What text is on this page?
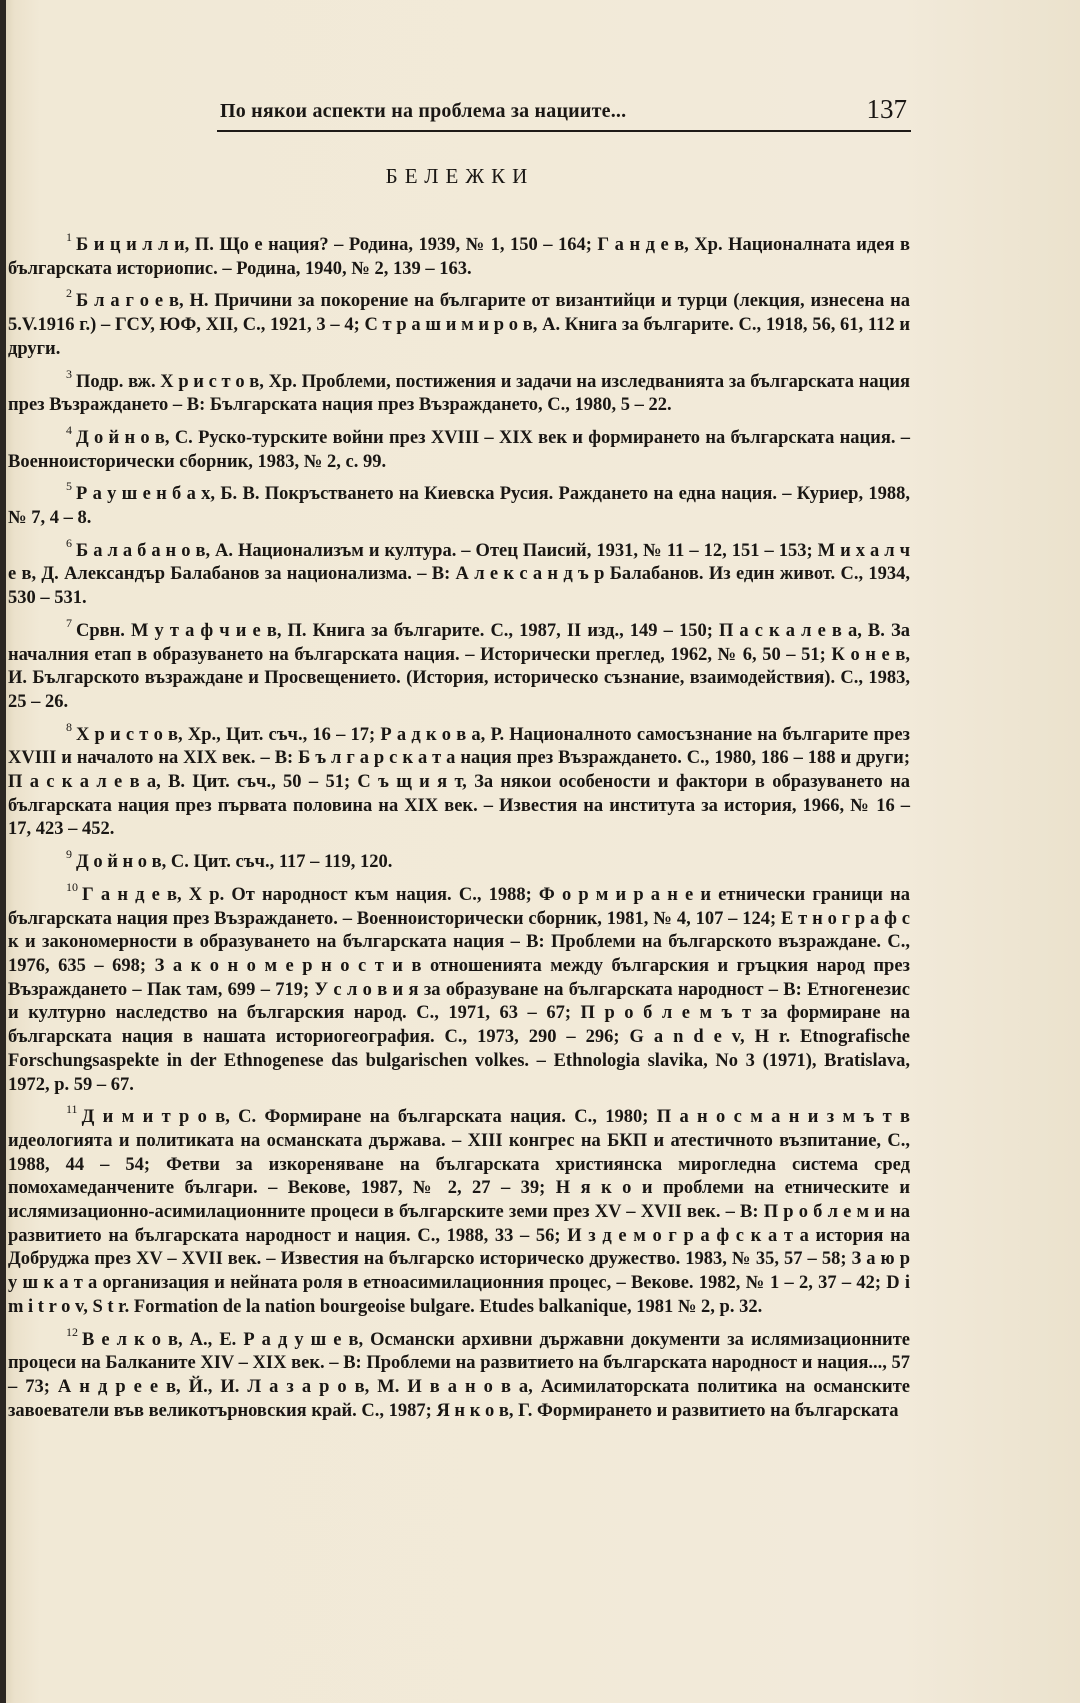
По някои аспекти на проблема за нациите...	137
БЕЛЕЖКИ

$^1$ Б и ц и л л и, П. Що е нация? – Родина, 1939, № 1, 150 – 164; Г а н д е в, Хр. Националната идея в българската историопис. – Родина, 1940, № 2, 139 – 163.

$^2$ Б л а г о е в, Н. Причини за покорение на българите от византийци и турци (лекция, изнесена на 5.V.1916 г.) – ГСУ, ЮФ, XII, С., 1921, 3 – 4; С т р а ш и м и р о в, А. Книга за българите. С., 1918, 56, 61, 112 и други.

$^3$ Подр. вж. Х р и с т о в, Хр. Проблеми, постижения и задачи на изследванията за българската нация през Възраждането – В: Българската нация през Възраждането, С., 1980, 5 – 22.

$^4$ Д о й н о в, С. Руско-турските войни през XVIII – XIX век и формирането на българската нация. – Военноисторически сборник, 1983, № 2, с. 99.

$^5$ Р а у ш е н б а х, Б. В. Покръстването на Киевска Русия. Раждането на една нация. – Куриер, 1988, № 7, 4 – 8.

$^6$ Б а л а б а н о в, А. Национализъм и култура. – Отец Паисий, 1931, № 11 – 12, 151 – 153; М и х а л ч е в, Д. Александър Балабанов за национализма. – В: А л е к с а н д ъ р Балабанов. Из един живот. С., 1934, 530 – 531.

$^7$ Срвн. М у т а ф ч и е в, П. Книга за българите. С., 1987, II изд., 149 – 150; П а с к а л е в а, В. За началния етап в образуването на българската нация. – Исторически преглед, 1962, № 6, 50 – 51; К о н е в, И. Българското възраждане и Просвещението. (История, историческо съзнание, взаимодействия). С., 1983, 25 – 26.

$^8$ Х р и с т о в, Хр., Цит. съч., 16 – 17; Р а д к о в а, Р. Националното самосъзнание на българите през XVIII и началото на XIX век. – В: Б ъ л г а р с к а т а нация през Възраждането. С., 1980, 186 – 188 и други; П а с к а л е в а, В. Цит. съч., 50 – 51; С ъ щ и я т, За някои особености и фактори в образуването на българската нация през първата половина на XIX век. – Известия на института за история, 1966, № 16 – 17, 423 – 452.

$^9$ Д о й н о в, С. Цит. съч., 117 – 119, 120.

$^{10}$ Г а н д е в, Х р. От народност към нация. С., 1988; Ф о р м и р а н е и етнически граници на българската нация през Възраждането. – Военноисторически сборник, 1981, № 4, 107 – 124; Е т н о г р а ф с к и закономерности в образуването на българската нация – В: Проблеми на българското възраждане. С., 1976, 635 – 698; З а к о н о м е р н о с т и в отношенията между българския и гръцкия народ през Възраждането – Пак там, 699 – 719; У с л о в и я за образуване на българската народност – В: Етногенезис и културно наследство на българския народ. С., 1971, 63 – 67; П р о б л е м ъ т за формиране на българската нация в нашата историогеография. С., 1973, 290 – 296; G a n d e v, H r. Etnografische Forschungsaspekte in der Ethnogenese das bulgarischen volkes. – Ethnologia slavika, No 3 (1971), Bratislava, 1972, p. 59 – 67.

$^{11}$ Д и м и т р о в, С. Формиране на българската нация. С., 1980; П а н о с м а н и з м ъ т в идеологията и политиката на османската държава. – XIII конгрес на БКП и атестичното възпитание, С., 1988, 44 – 54; Фетви за изкореняване на българската християнска мирогледна система сред помохамеданчените българи. – Векове, 1987, № 2, 27 – 39; Н я к о и проблеми на етническите и ислямизационно-асимилационните процеси в българските земи през XV – XVII век. – В: П р о б л е м и на развитието на българската народност и нация. С., 1988, 33 – 56; И з д е м о г р а ф с к а т а история на Добруджа през XV – XVII век. – Известия на българско историческо дружество. 1983, № 35, 57 – 58; З а ю р у ш к а т а организация и нейната роля в етноасимилационния процес, – Векове. 1982, № 1 – 2, 37 – 42; D i m i t r o v, S t r. Formation de la nation bourgeoise bulgare. Etudes balkanique, 1981 № 2, p. 32.

$^{12}$ В е л к о в, А., Е. Р а д у ш е в, Османски архивни държавни документи за ислямизационните процеси на Балканите XIV – XIX век. – В: Проблеми на развитието на българската народност и нация..., 57 – 73; А н д р е е в, Й., И. Л а з а р о в, М. И в а н о в а, Асимилаторската политика на османските завоеватели във великотърновския край. С., 1987; Я н к о в, Г. Формирането и развитието на българската
